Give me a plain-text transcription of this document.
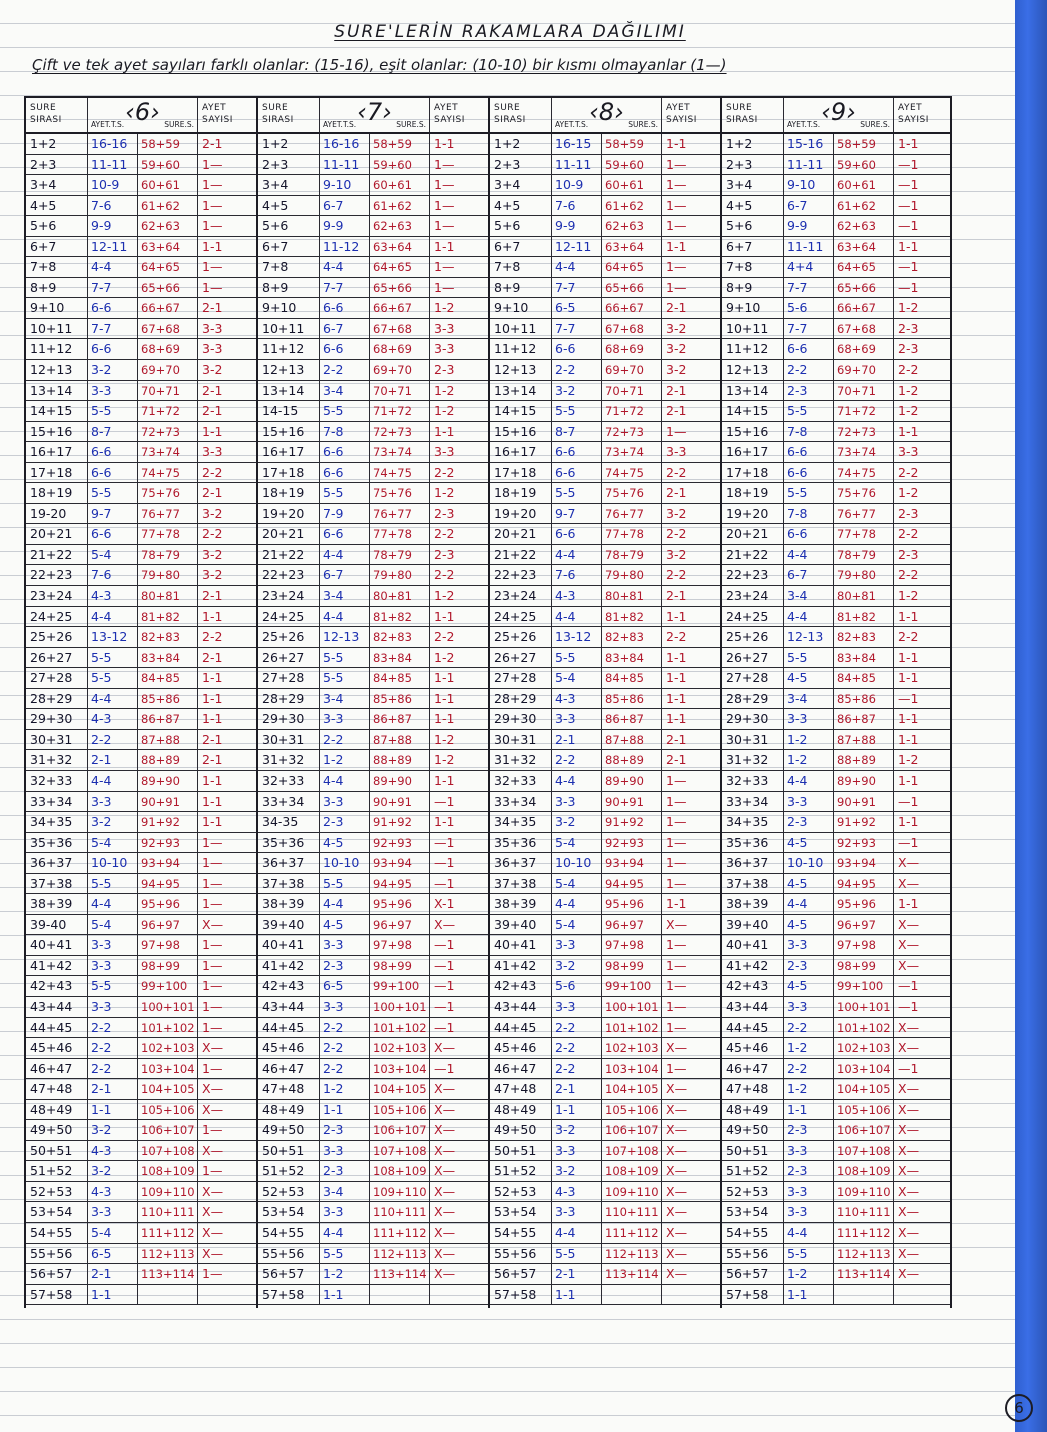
SURE'LERİN RAKAMLARA DAĞILIMI
Çift ve tek ayet sayıları farklı olanlar: (15-16), eşit olanlar: (10-10) bir kısmı olmayanlar (1—)
SURE
SIRASI	‹6›
AYET.T.S.	SURE.S.
AYET
SAYISI
1+2	16-16	58+59	2-1
2+3	11-11	59+60	1—
3+4	10-9	60+61	1—
4+5	7-6	61+62	1—
5+6	9-9	62+63	1—
6+7	12-11	63+64	1-1
7+8	4-4	64+65	1—
8+9	7-7	65+66	1—
9+10	6-6	66+67	2-1
10+11	7-7	67+68	3-3
11+12	6-6	68+69	3-3
12+13	3-2	69+70	3-2
13+14	3-3	70+71	2-1
14+15	5-5	71+72	2-1
15+16	8-7	72+73	1-1
16+17	6-6	73+74	3-3
17+18	6-6	74+75	2-2
18+19	5-5	75+76	2-1
19-20	9-7	76+77	3-2
20+21	6-6	77+78	2-2
21+22	5-4	78+79	3-2
22+23	7-6	79+80	3-2
23+24	4-3	80+81	2-1
24+25	4-4	81+82	1-1
25+26	13-12	82+83	2-2
26+27	5-5	83+84	2-1
27+28	5-5	84+85	1-1
28+29	4-4	85+86	1-1
29+30	4-3	86+87	1-1
30+31	2-2	87+88	2-1
31+32	2-1	88+89	2-1
32+33	4-4	89+90	1-1
33+34	3-3	90+91	1-1
34+35	3-2	91+92	1-1
35+36	5-4	92+93	1—
36+37	10-10	93+94	1—
37+38	5-5	94+95	1—
38+39	4-4	95+96	1—
39-40	5-4	96+97	X—
40+41	3-3	97+98	1—
41+42	3-3	98+99	1—
42+43	5-5	99+100	1—
43+44	3-3	100+101 1—
44+45	2-2	101+102 1—
45+46	2-2	102+103 X—
46+47	2-2	103+104 1—
47+48	2-1	104+105 X—
48+49	1-1	105+106 X—
49+50	3-2	106+107 1—
50+51	4-3	107+108 X—
51+52	3-2	108+109 1—
52+53	4-3	109+110 X—
53+54	3-3	110+111 X—
54+55	5-4	111+112 X—
55+56	6-5	112+113 X—
56+57	2-1	113+114 1—
57+58	1-1
SURE
SIRASI	‹7›
AYET.T.S.	SURE.S.
AYET
SAYISI
1+2	16-16	58+59	1-1
2+3	11-11	59+60	1—
3+4	9-10	60+61	1—
4+5	6-7	61+62	1—
5+6	9-9	62+63	1—
6+7	11-12	63+64	1-1
7+8	4-4	64+65	1—
8+9	7-7	65+66	1—
9+10	6-6	66+67	1-2
10+11	6-7	67+68	3-3
11+12	6-6	68+69	3-3
12+13	2-2	69+70	2-3
13+14	3-4	70+71	1-2
14-15	5-5	71+72	1-2
15+16	7-8	72+73	1-1
16+17	6-6	73+74	3-3
17+18	6-6	74+75	2-2
18+19	5-5	75+76	1-2
19+20	7-9	76+77	2-3
20+21	6-6	77+78	2-2
21+22	4-4	78+79	2-3
22+23	6-7	79+80	2-2
23+24	3-4	80+81	1-2
24+25	4-4	81+82	1-1
25+26	12-13	82+83	2-2
26+27	5-5	83+84	1-2
27+28	5-5	84+85	1-1
28+29	3-4	85+86	1-1
29+30	3-3	86+87	1-1
30+31	2-2	87+88	1-2
31+32	1-2	88+89	1-2
32+33	4-4	89+90	1-1
33+34	3-3	90+91	—1
34-35	2-3	91+92	1-1
35+36	4-5	92+93	—1
36+37	10-10	93+94	—1
37+38	5-5	94+95	—1
38+39	4-4	95+96	X-1
39+40	4-5	96+97	X—
40+41	3-3	97+98	—1
41+42	2-3	98+99	—1
42+43	6-5	99+100	—1
43+44	3-3	100+101 —1
44+45	2-2	101+102 —1
45+46	2-2	102+103 X—
46+47	2-2	103+104 —1
47+48	1-2	104+105 X—
48+49	1-1	105+106 X—
49+50	2-3	106+107 X—
50+51	3-3	107+108 X—
51+52	2-3	108+109 X—
52+53	3-4	109+110 X—
53+54	3-3	110+111 X—
54+55	4-4	111+112 X—
55+56	5-5	112+113 X—
56+57	1-2	113+114 X—
57+58	1-1
SURE
SIRASI	‹8›
AYET.T.S.	SURE.S.
AYET
SAYISI
1+2	16-15	58+59	1-1
2+3	11-11	59+60	1—
3+4	10-9	60+61	1—
4+5	7-6	61+62	1—
5+6	9-9	62+63	1—
6+7	12-11	63+64	1-1
7+8	4-4	64+65	1—
8+9	7-7	65+66	1—
9+10	6-5	66+67	2-1
10+11	7-7	67+68	3-2
11+12	6-6	68+69	3-2
12+13	2-2	69+70	3-2
13+14	3-2	70+71	2-1
14+15	5-5	71+72	2-1
15+16	8-7	72+73	1—
16+17	6-6	73+74	3-3
17+18	6-6	74+75	2-2
18+19	5-5	75+76	2-1
19+20	9-7	76+77	3-2
20+21	6-6	77+78	2-2
21+22	4-4	78+79	3-2
22+23	7-6	79+80	2-2
23+24	4-3	80+81	2-1
24+25	4-4	81+82	1-1
25+26	13-12	82+83	2-2
26+27	5-5	83+84	1-1
27+28	5-4	84+85	1-1
28+29	4-3	85+86	1-1
29+30	3-3	86+87	1-1
30+31	2-1	87+88	2-1
31+32	2-2	88+89	2-1
32+33	4-4	89+90	1—
33+34	3-3	90+91	1—
34+35	3-2	91+92	1—
35+36	5-4	92+93	1—
36+37	10-10	93+94	1—
37+38	5-4	94+95	1—
38+39	4-4	95+96	1-1
39+40	5-4	96+97	X—
40+41	3-3	97+98	1—
41+42	3-2	98+99	1—
42+43	5-6	99+100	1—
43+44	3-3	100+101 1—
44+45	2-2	101+102 1—
45+46	2-2	102+103 X—
46+47	2-2	103+104 1—
47+48	2-1	104+105 X—
48+49	1-1	105+106 X—
49+50	3-2	106+107 X—
50+51	3-3	107+108 X—
51+52	3-2	108+109 X—
52+53	4-3	109+110 X—
53+54	3-3	110+111 X—
54+55	4-4	111+112 X—
55+56	5-5	112+113 X—
56+57	2-1	113+114 X—
57+58	1-1
SURE
SIRASI	‹9›
AYET.T.S.	SURE.S.
AYET
SAYISI
1+2	15-16	58+59	1-1
2+3	11-11	59+60	—1
3+4	9-10	60+61	—1
4+5	6-7	61+62	—1
5+6	9-9	62+63	—1
6+7	11-11	63+64	1-1
7+8	4+4	64+65	—1
8+9	7-7	65+66	—1
9+10	5-6	66+67	1-2
10+11	7-7	67+68	2-3
11+12	6-6	68+69	2-3
12+13	2-2	69+70	2-2
13+14	2-3	70+71	1-2
14+15	5-5	71+72	1-2
15+16	7-8	72+73	1-1
16+17	6-6	73+74	3-3
17+18	6-6	74+75	2-2
18+19	5-5	75+76	1-2
19+20	7-8	76+77	2-3
20+21	6-6	77+78	2-2
21+22	4-4	78+79	2-3
22+23	6-7	79+80	2-2
23+24	3-4	80+81	1-2
24+25	4-4	81+82	1-1
25+26	12-13	82+83	2-2
26+27	5-5	83+84	1-1
27+28	4-5	84+85	1-1
28+29	3-4	85+86	—1
29+30	3-3	86+87	1-1
30+31	1-2	87+88	1-1
31+32	1-2	88+89	1-2
32+33	4-4	89+90	1-1
33+34	3-3	90+91	—1
34+35	2-3	91+92	1-1
35+36	4-5	92+93	—1
36+37	10-10	93+94	X—
37+38	4-5	94+95	X—
38+39	4-4	95+96	1-1
39+40	4-5	96+97	X—
40+41	3-3	97+98	X—
41+42	2-3	98+99	X—
42+43	4-5	99+100	—1
43+44	3-3	100+101 —1
44+45	2-2	101+102 X—
45+46	1-2	102+103 X—
46+47	2-2	103+104 —1
47+48	1-2	104+105 X—
48+49	1-1	105+106 X—
49+50	2-3	106+107 X—
50+51	3-3	107+108 X—
51+52	2-3	108+109 X—
52+53	3-3	109+110 X—
53+54	3-3	110+111 X—
54+55	4-4	111+112 X—
55+56	5-5	112+113 X—
56+57	1-2	113+114 X—
57+58	1-1
6
